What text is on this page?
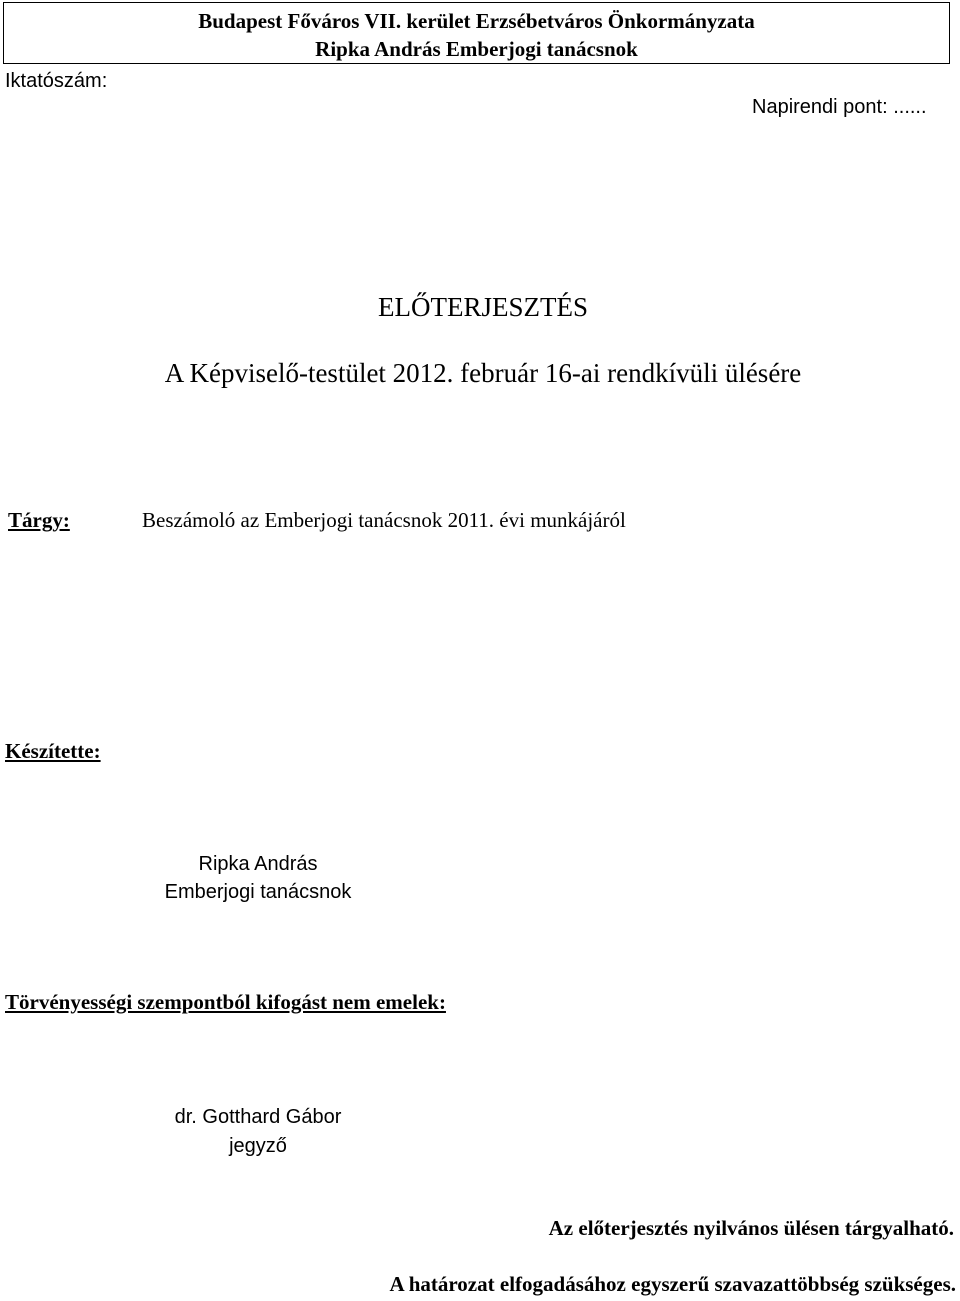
Budapest Főváros VII. kerület Erzsébetváros Önkormányzata
Ripka András Emberjogi tanácsnok
Iktatószám:
Napirendi pont: ......
ELŐTERJESZTÉS
A Képviselő-testület 2012. február 16-ai rendkívüli ülésére
Tárgy:	Beszámoló az Emberjogi tanácsnok 2011. évi munkájáról
Készítette:
Ripka András
Emberjogi tanácsnok
Törvényességi szempontból kifogást nem emelek:
dr. Gotthard Gábor
jegyző
Az előterjesztés nyilvános ülésen tárgyalható.
A határozat elfogadásához egyszerű szavazattöbbség szükséges.
